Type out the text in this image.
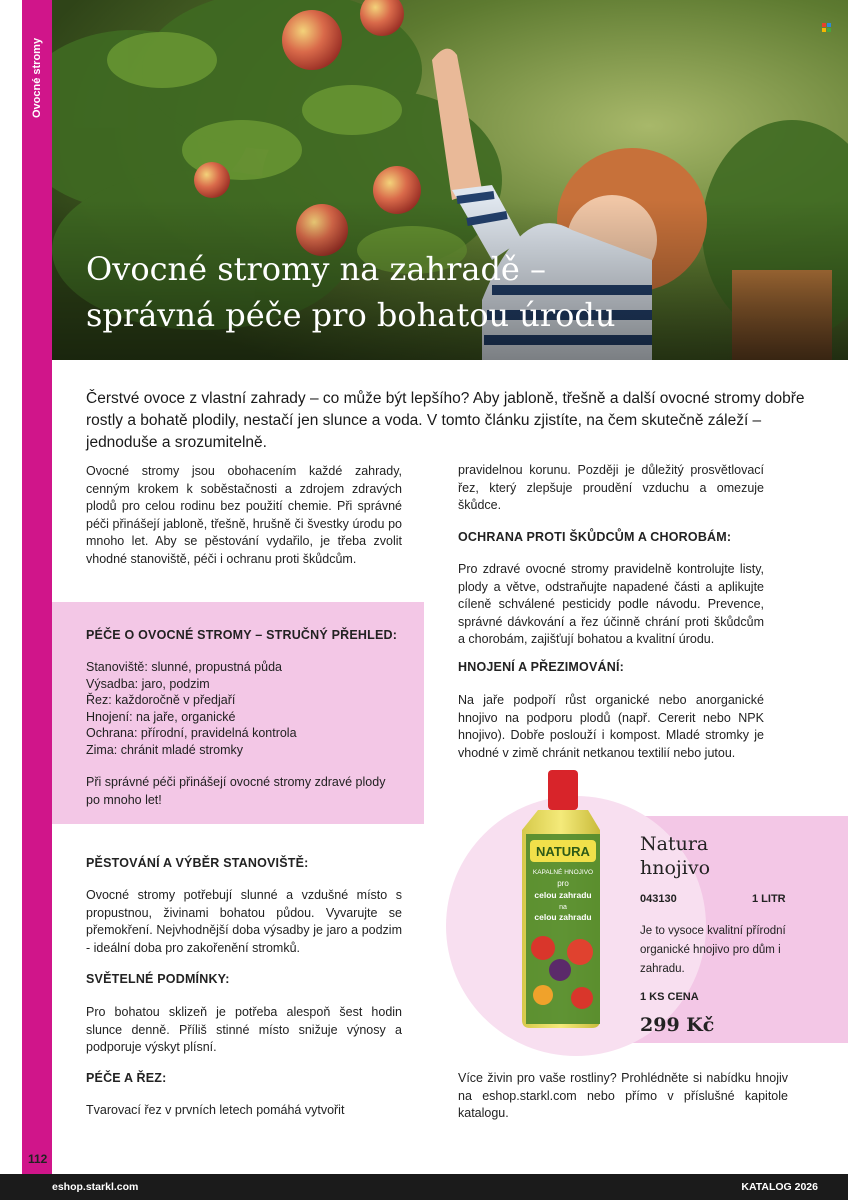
Ovocné stromy
Ovocné stromy na zahradě –
správná péče pro bohatou úrodu
Čerstvé ovoce z vlastní zahrady – co může být lepšího? Aby jabloně, třešně a další ovocné stromy dobře rostly a bohatě plodily, nestačí jen slunce a voda. V tomto článku zjistíte, na čem skutečně záleží – jednoduše a srozumitelně.
Ovocné stromy jsou obohacením každé zahrady, cenným krokem k soběstačnosti a zdrojem zdravých plodů pro celou rodinu bez použití chemie. Při správné péči přinášejí jabloně, třešně, hrušně či švestky úrodu po mnoho let. Aby se pěstování vydařilo, je třeba zvolit vhodné stanoviště, péči i ochranu proti škůdcům.
PÉČE O OVOCNÉ STROMY – STRUČNÝ PŘEHLED:
Stanoviště: slunné, propustná půda
Výsadba: jaro, podzim
Řez: každoročně v předjaří
Hnojení: na jaře, organické
Ochrana: přírodní, pravidelná kontrola
Zima: chránit mladé stromky
Při správné péči přinášejí ovocné stromy zdravé plody po mnoho let!
PĚSTOVÁNÍ A VÝBĚR STANOVIŠTĚ:
Ovocné stromy potřebují slunné a vzdušné místo s propustnou, živinami bohatou půdou. Vyvarujte se přemokření. Nejvhodnější doba výsadby je jaro a podzim - ideální doba pro zakořenění stromků.
SVĚTELNÉ PODMÍNKY:
Pro bohatou sklizeň je potřeba alespoň šest hodin slunce denně. Příliš stinné místo snižuje výnosy a podporuje výskyt plísní.
PÉČE A ŘEZ:
Tvarovací řez v prvních letech pomáhá vytvořit
pravidelnou korunu. Později je důležitý prosvětlovací řez, který zlepšuje proudění vzduchu a omezuje škůdce.
OCHRANA PROTI ŠKŮDCŮM A CHOROBÁM:
Pro zdravé ovocné stromy pravidelně kontrolujte listy, plody a větve, odstraňujte napadené části a aplikujte cíleně schválené pesticidy podle návodu. Prevence, správné dávkování a řez účinně chrání proti škůdcům a chorobám, zajišťují bohatou a kvalitní úrodu.
HNOJENÍ A PŘEZIMOVÁNÍ:
Na jaře podpoří růst organické nebo anorganické hnojivo na podporu plodů (např. Cererit nebo NPK hnojivo). Dobře poslouží i kompost. Mladé stromky je vhodné v zimě chránit netkanou textilií nebo jutou.
NATURA
KAPALNÉ HNOJIVO
pro
celou zahradu
na
celou zahradu
Natura
hnojivo
043130	1 LITR
Je to vysoce kvalitní přírodní organické hnojivo pro dům i zahradu.
1 KS CENA
299 Kč
Více živin pro vaše rostliny? Prohlédněte si nabídku hnojiv na eshop.starkl.com nebo přímo v příslušné kapitole katalogu.
112
eshop.starkl.com	KATALOG 2026
